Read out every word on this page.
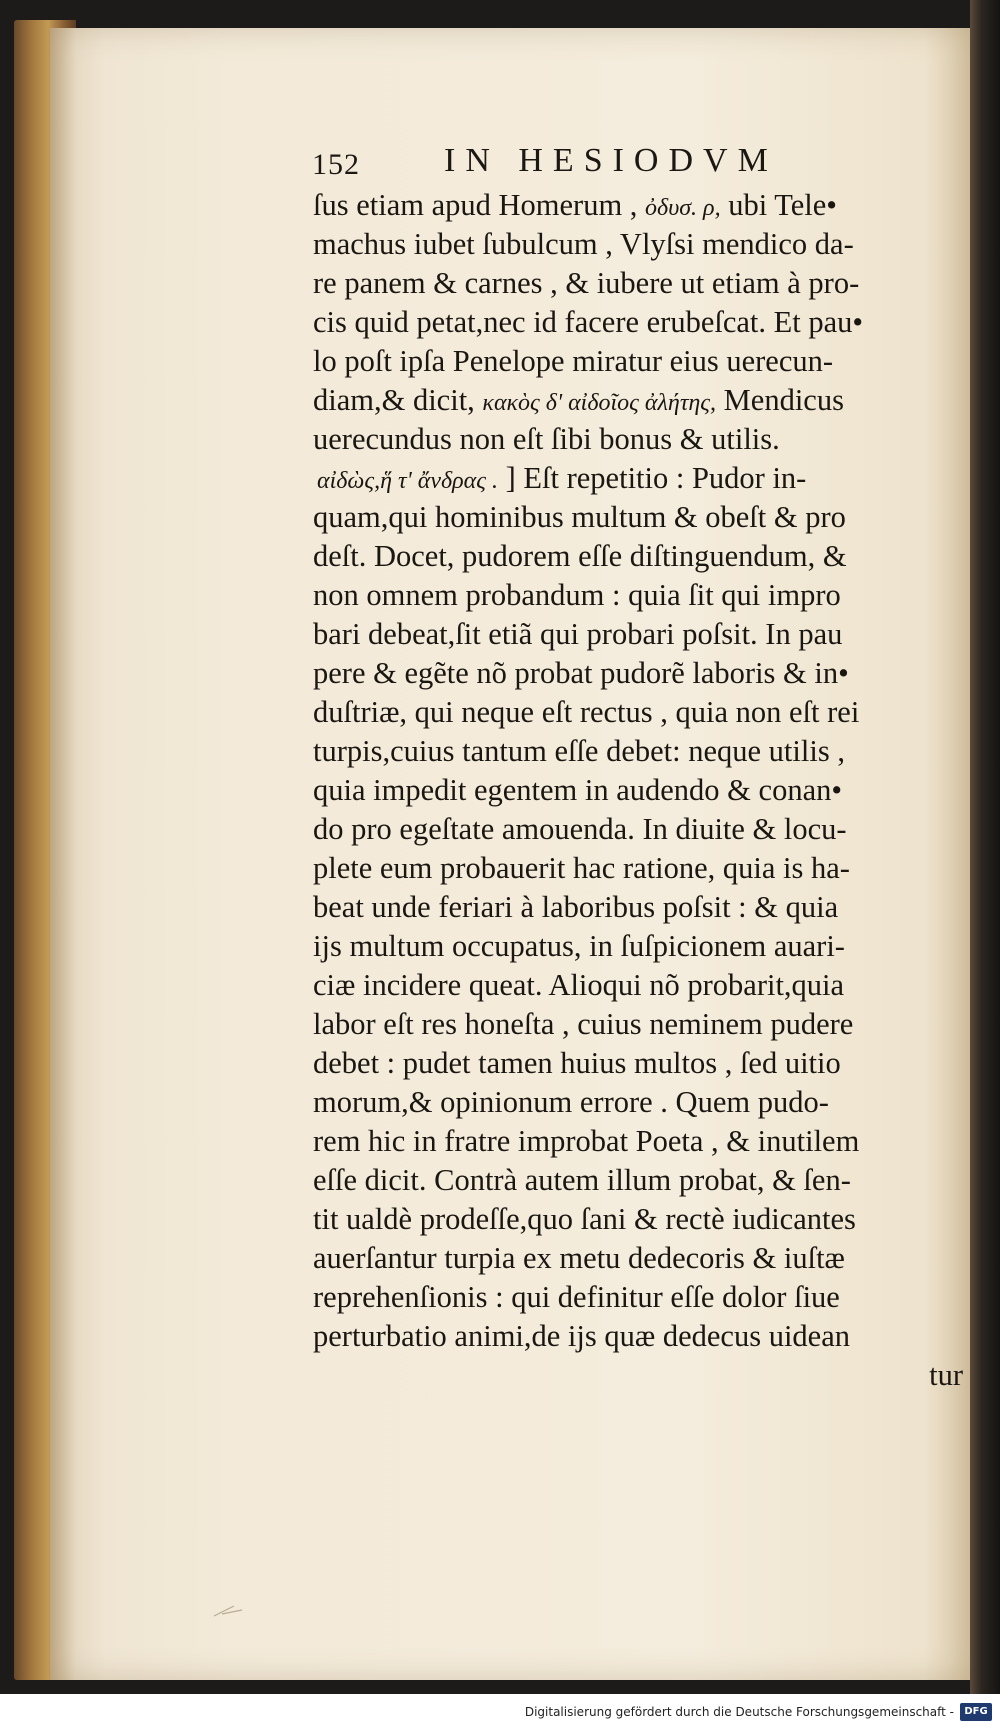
152 IN HESIODVM
ſus etiam apud Homerum , ὀδυσ. ρ, ubi Tele•
machus iubet ſubulcum , Vlyſsi mendico da-
re panem & carnes , & iubere ut etiam à pro-
cis quid petat,nec id facere erubeſcat. Et pau•
lo poſt ipſa Penelope miratur eius uerecun-
diam,& dicit, κακὸς δ' αἰδοῖος ἀλήτης, Mendicus
uerecundus non eſt ſibi bonus & utilis.
αἰδὼς,ἥ τ' ἄνδρας . ] Eſt repetitio : Pudor in-
quam,qui hominibus multum & obeſt & pro
deſt. Docet, pudorem eſſe diſtinguendum, &
non omnem probandum : quia ſit qui impro
bari debeat,ſit etiã qui probari poſsit. In pau
pere & egẽte nõ probat pudorẽ laboris & in•
duſtriæ, qui neque eſt rectus , quia non eſt rei
turpis,cuius tantum eſſe debet: neque utilis ,
quia impedit egentem in audendo & conan•
do pro egeſtate amouenda. In diuite & locu-
plete eum probauerit hac ratione, quia is ha-
beat unde feriari à laboribus poſsit : & quia
ijs multum occupatus, in ſuſpicionem auari-
ciæ incidere queat. Alioqui nõ probarit,quia
labor eſt res honeſta , cuius neminem pudere
debet : pudet tamen huius multos , ſed uitio
morum,& opinionum errore . Quem pudo-
rem hic in fratre improbat Poeta , & inutilem
eſſe dicit. Contrà autem illum probat, & ſen-
tit ualdè prodeſſe,quo ſani & rectè iudicantes
auerſantur turpia ex metu dedecoris & iuſtæ
reprehenſionis : qui definitur eſſe dolor ſiue
perturbatio animi,de ijs quæ dedecus uidean
tur
Digitalisierung gefördert durch die Deutsche Forschungsgemeinschaft -	DFG
